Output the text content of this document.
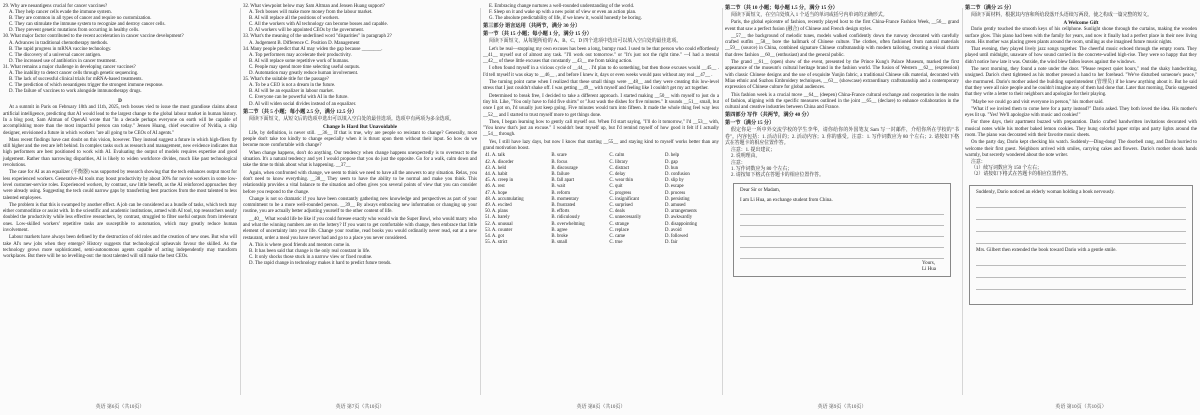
29. Why are neoantigens crucial for cancer vaccines?

A. They help cancer cells evade the immune system.

B. They are common in all types of cancer and require no customization.

C. They can stimulate the immune system to recognize and destroy cancer cells.

D. They prevent genetic mutations from occurring in healthy cells.

30. What major factor contributed to the recent acceleration in cancer vaccine development?

A. Advances in traditional chemotherapy methods.

B. The rapid progress in mRNA vaccine technology.

C. The discovery of a universal cancer antigen.

D. The increased use of antibiotics in cancer treatment.

31. What remains a major challenge in developing cancer vaccines?

A. The inability to detect cancer cells through genetic sequencing.

B. The lack of successful clinical trials for mRNA-based treatments.

C. The prediction of which neoantigens trigger the strongest immune response.

D. The failure of vaccines to work alongside immunotherapy drugs.

D

At a summit in Paris on February 10th and 11th, 2025, tech bosses vied to issue the most grandiose claims about artificial intelligence, predicting that AI would lead to the largest change to the global labour market in human history. In a blog post, Sam Altman of OpenAI wrote that "In a decade perhaps everyone on earth will be capable of accomplishing more than the most impactful person can today." Jensen Huang, chief executive of Nvidia, a chip designer, envisioned a future in which workers "are all going to be CEOs of AI agents."

Mass recent findings have cast doubt on this vision, however. They instead suggest a future in which high-fliers fly still higher and the rest are left behind. In complex tasks such as research and management, new evidence indicates that high performers are best positioned to work with AI. Evaluating the output of models requires expertise and good judgement. Rather than narrowing disparities, AI is likely to widen workforce divides, much like past technological revolutions.

The case for AI as an equalizer (平衡器) was supported by research showing that the tech enhances output most for less experienced workers. Generative-AI tools may boost productivity by about 30% for novice workers in some low-level customer-service roles. Experienced workers, by contrast, saw little benefit, as the AI reinforced approaches they were already using. Suggesting the tech could narrow gaps by transferring best practices from the most talented to less talented employees.

The problem is that this is swamped by another effect. A job can be considered as a bundle of tasks, which tech may either commoditize or assist with. In the scientific and academic institutions, armed with AI tool, top researchers nearly doubled the productivity while less effective researchers, by contrast, struggled to filter useful outputs from irrelevant ones. Low-skilled workers' repetitive tasks are susceptible to automation, which may greatly reduce human involvement.

Labour markets have always been defined by the destruction of old roles and the creation of new ones. But who will take AI's new jobs when they emerge? History suggests that technological upheavals favour the skilled. As the technology grows more sophisticated, semi-autonomous agents capable of acting independently may transform workplaces. But there will be no levelling-out: the most talented will still make the best CEOs.

英语 第6页（共10页）

32. What viewpoint below may Sam Altman and Jensen Huang support?

A. Tech bosses will make more money from the labour market.

B. AI will replace all the positions of workers.

C. All the workers with AI technology can become bosses and capable.

D. AI workers will be appointed CEOs by the government.

33. What's the meaning of the underlined word "disparities" in paragraph 2?

A. Judgement B. Difference C. Position D. Management

34. Many people predict that AI may widen the gap because ________.

A. Top performers may accelerate their productivity.

B. AI will replace some repetitive work of humans.

C. People may spend more time selecting useful outputs.

D. Automation may greatly reduce human involvement.

35. What's the suitable title for the passage?

A. To be a CEO is not a dream in the future.

B. AI will be an equalizer in labour market.

C. Everyone can be powerful with AI in the future.

D. AI will widen social divides instead of an equalizer.

第二节（共 5 小题；每小题 2.5 分，满分 12.5 分）

阅读下面短文，从短文后的选项中选出可以填入空白处的最佳选项。选项中有两项为多余选项。

Change Is Hard But Unavoidable

Life, by definition, is never still. __36__ If that is true, why are people so resistant to change? Generally, most people don't take too kindly to change especially when it is thrust upon them without their input. So how do we become more comfortable with change?

When change happens, don't do anything. Our tendency when change happens unexpectedly is to overreact to the situation. It's a natural tendency and yet I would propose that you do just the opposite. Go for a walk, calm down and take the time to think about what is happening. __37__

Again, when confronted with change, we seem to think we need to have all the answers to any situation. Relax, you don't need to know everything. __38__ They seem to have the ability to be normal and make you think. This relationship provides a vital balance to the situation and often gives you several points of view that you can consider before you respond to the change.

Change is not so dramatic if you have been constantly gathering new knowledge and perspectives as part of your commitment to be a more well-rounded person. __39__ By always embracing new information or changing up your routine, you are actually better adjusting yourself to the other content of life.

__40__ What would life be like if you could foresee exactly who would win the Super Bowl, who would marry who and what the winning numbers are on the lottery? If you want to get comfortable with change, then embrace that little element of uncertainty into your life. Change your routine, read books you would ordinarily never read, eat at a new restaurant, order a meal you have never had and go to a place you never considered.

A. This is where good friends and mentors come in.

B. It has been said that change is the only real constant in life.

C. It only shocks those stuck in a narrow view or fixed routine.

D. The rapid change in technology makes it hard to predict future trends.

英语 第7页（共10页）

E. Embracing change nurtures a well-rounded understanding of the world.

F. Sleep on it and wake up with a new point of view or even an action plan.

G. The absolute predictability of life, if we knew it, would honestly be boring.

第三部分 语言运用（共两节，满分 30 分）

第一节（共 15 小题；每小题 1 分，满分 15 分）

阅读下面短文，从每题所给的 A、B、C、D 四个选项中选出可以填入空白处的最佳选项。

Let's be real—stopping my own excuses has been a long, bumpy road. I used to be that person who could effortlessly __41__ myself out of almost any task. "I'll work out tomorrow." or "It's just not the right time." —I had a mental __42__ of these little excuses that constantly __43__ me from taking action.

I often found myself in a vicious cycle of __44__ . I'd plan to do something, but then those excuses would __45__ . I'd tell myself it was okay to __46__ , and before I knew it, days or even weeks would pass without any real __47__ .

The turning point came when I realized that these small things were __48__ and they were creating this low-level stress that I just couldn't shake off. I was getting __49__ with myself and feeling like I couldn't get my act together.

Determined to break free, I decided to take a different approach. I started making __50__ with myself to just do a tiny bit. Like, "You only have to fold five shirts" or "Just wash the dishes for five minutes." It sounds __51__ small, but once I got on, I'd usually just keep going. Five minutes would turn into fifteen. It made the whole thing feel way less __52__ and I started to trust myself more to get things done.

Then, I began learning how to gently call myself out. When I'd start saying, "I'll do it tomorrow," I'd __53__ with, "You know that's just an excuse." I wouldn't beat myself up, but I'd remind myself of how good it felt if I actually __54__ through.

Yes, I still have lazy days, but now I know that starting __55__ and staying kind to myself works better than any grand motivation boost.

41. A. talk	B. scare	C. calm	D. help
42. A. disorder	B. focus	C. library	D. gap
43. A. held	B. discourage	C. distract	D. hun
44. A. habit	B. failure	C. delay	D. confusion
45. A. creep in	B. fall apart	C. wear thin	D. slip by
46. A. rest	B. wait	C. quit	D. escape
47. A. hope	B. reform	C. progress	D. process
48. A. accumulating	B. momentary	C. insignificant	D. persisting
49. A. excited	B. frustrated	C. surprised	D. amused
50. A. plans	B. efforts	C. deals	D. arrangements
51. A. barely	B. ridiculously	C. unnecessarily	D. awkwardly
52. A. unusual	B. overwhelming	C. strange	D. disappointing
53. A. counter	B. agree	C. replace	D. avoid
54. A. got	B. broke	C. came	D. followed
55. A. strict	B. small	C. true	D. fair
英语 第8页（共10页）

第二节（共 10 小题；每小题 1.5 分，满分 15 分）

阅读下面短文，在空白处填入 1 个适当的单词或括号内单词的正确形式。

Paris, the global epicentre of fashion, recently played host to the first China-France Fashion Week, __56__ grand event that saw a perfect fusion (融合) of Chinese and French design styles.

__57__ the background of melodic tunes, models walked confidently down the runway decorated with carefully crafted outfits __58__ bore the hallmark of Chinese culture. The clothes, often fashioned from natural materials __59__ (source) in China, combined signature Chinese craftsmanship with modern tailoring, creating a visual charm that drew fashion __60__ (enthusiast) and the general public.

The grand __61__ (open) show of the event, presented by the Prince Kung's Palace Museum, marked the first appearance of the museum's cultural heritage brand in the fashion world. The fusion of Western __62__ (expression) with classic Chinese designs and the use of exquisite Yunjin fabric, a traditional Chinese silk material, decorated with Miao ethnic and Suzhou Embroidery techniques, __63__ (showcase) extraordinary craftsmanship and a contemporary expression of Chinese culture for global audiences.

This fashion week is a crucial move __64__ (deepen) China-France cultural exchange and cooperation in the realm of fashion, aligning with the specific measures outlined in the joint __65__ (declare) to enhance collaboration in the cultural and creative industries between China and France.

第四部分 写作（共两节，满分 40 分）

第一节（满分 15 分）

假定你是一所中外交流学校的学生李华，请你给你的外国笔友 Sam 写一封邮件，介绍你所在学校的"书卷"。内容包括：1. 活动目的；2. 活动内容；3. 你的感受。注意：1. 写作词数应为 80 个左右；2. 请按如下格式在答题卡的相应位置作答。

注意：1. 提出建议；

2. 说明理由。

注意：

1. 写作词数应为 80 个左右；

2. 请按如下格式在答题卡的相应位置作答。

Dear Sir or Madam,
I am Li Hua, an exchange student from China.
Yours,
Li Hua
英语 第9页（共10页）

第二节（满分 25 分）

阅读下面材料，根据其内容和所给段落开头语续写两段，使之构成一篇完整的短文。

A Welcome Gift

Dario gently touched the smooth keys of his cellphone. Sunlight shone through the curtains, making the wooden surface glow. This piano had been with the family for years, and now it finally had a perfect place in their new living room. His mother was placing green plants around the room, smiling as she imagined future music nights.

That evening, they played lively jazz songs together. The cheerful music echoed through the empty room. They played until midnight, unaware of how sound carried in the concrete-walled high-rise. They were so happy that they didn't notice how late it was. Outside, the wind blew fallen leaves against the windows.

The next morning, they found a note under the door. "Please respect quiet hours," read the shaky handwriting, unsigned. Dario's chest tightened as his mother pressed a hand to her forehead. "We've disturbed someone's peace," she murmured. Dario's mother asked the building superintendent (管理员) if he knew anything about it. But he said that they were all nice people and he couldn't imagine any of them had done that. Later that morning, Dario suggested that they write a letter to their neighbors and apologize for their playing.

"Maybe we could go and visit everyone in person," his mother said.

"What if we invited them to come here for a party instead?" Dario asked. They both loved the idea. His mother's eyes lit up. "Yes! We'll apologize with music and cookies!"

For three days, their apartment buzzed with preparation. Dario crafted handwritten invitations decorated with musical notes while his mother baked lemon cookies. They hung colorful paper strips and party lights around the room. The piano was decorated with their favorite music sheets.

On the party day, Dario kept checking his watch. Suddenly—Ding-dong! The doorbell rang, and Dario hurried to welcome their first guest. Neighbors arrived with smiles, carrying cakes and flowers. Dario's mother shook hands warmly, but secretly wondered about the note writer.

注意：

（1）续写词数应为 150 个左右；

（2）请按如下格式在答题卡的相应位置作答。

Suddenly, Dario noticed an elderly woman holding a book nervously.
Mrs. Gilbert then extended the book toward Dario with a gentle smile.
英语 第10页（共10页）
